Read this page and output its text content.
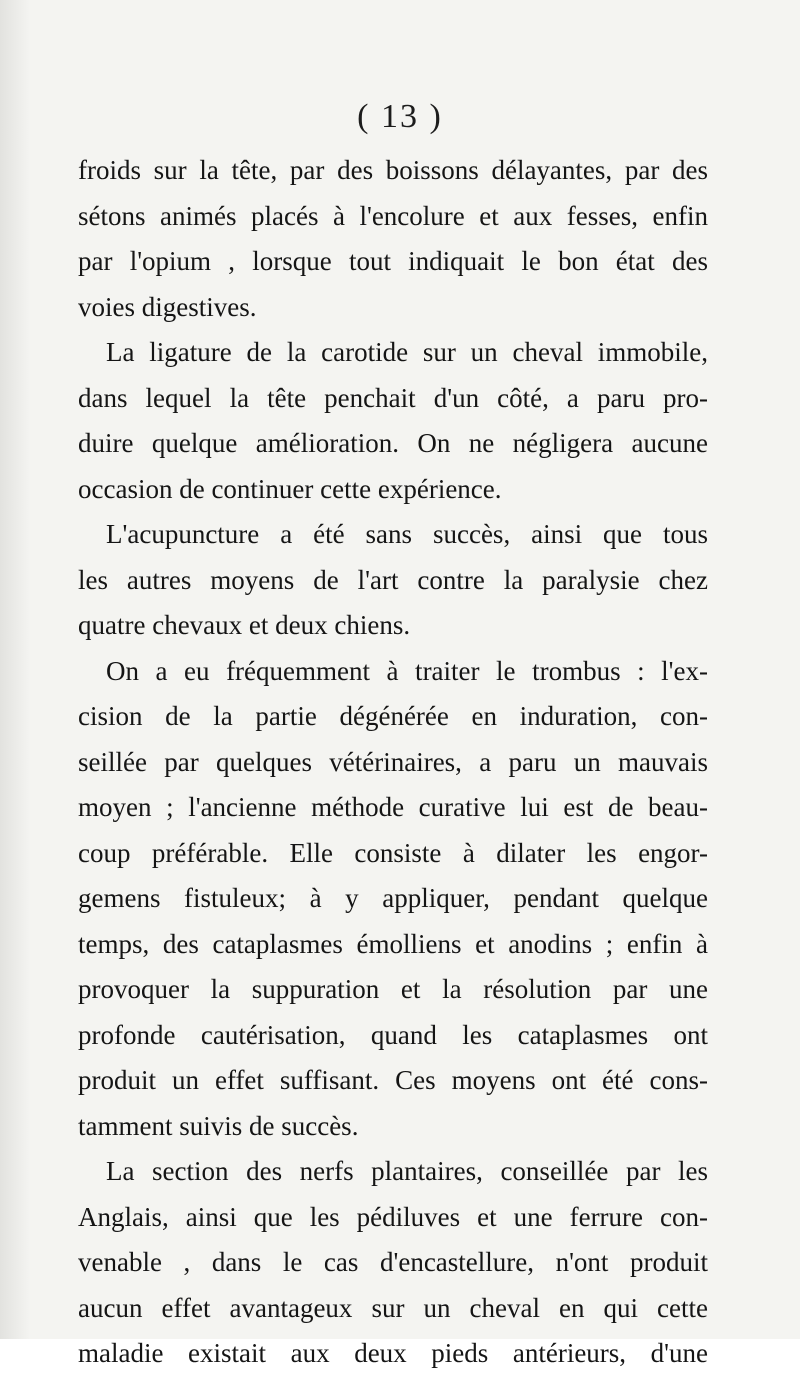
( 13 )
froids sur la tête, par des boissons délayantes, par des
sétons animés placés à l'encolure et aux fesses, enfin
par l'opium , lorsque tout indiquait le bon état des
voies digestives.
La ligature de la carotide sur un cheval immobile,
dans lequel la tête penchait d'un côté, a paru pro-
duire quelque amélioration. On ne négligera aucune
occasion de continuer cette expérience.
L'acupuncture a été sans succès, ainsi que tous
les autres moyens de l'art contre la paralysie chez
quatre chevaux et deux chiens.
On a eu fréquemment à traiter le trombus : l'ex-
cision de la partie dégénérée en induration, con-
seillée par quelques vétérinaires, a paru un mauvais
moyen ; l'ancienne méthode curative lui est de beau-
coup préférable. Elle consiste à dilater les engor-
gemens fistuleux; à y appliquer, pendant quelque
temps, des cataplasmes émolliens et anodins ; enfin à
provoquer la suppuration et la résolution par une
profonde cautérisation, quand les cataplasmes ont
produit un effet suffisant. Ces moyens ont été cons-
tamment suivis de succès.
La section des nerfs plantaires, conseillée par les
Anglais, ainsi que les pédiluves et une ferrure con-
venable , dans le cas d'encastellure, n'ont produit
aucun effet avantageux sur un cheval en qui cette
maladie existait aux deux pieds antérieurs, d'une
